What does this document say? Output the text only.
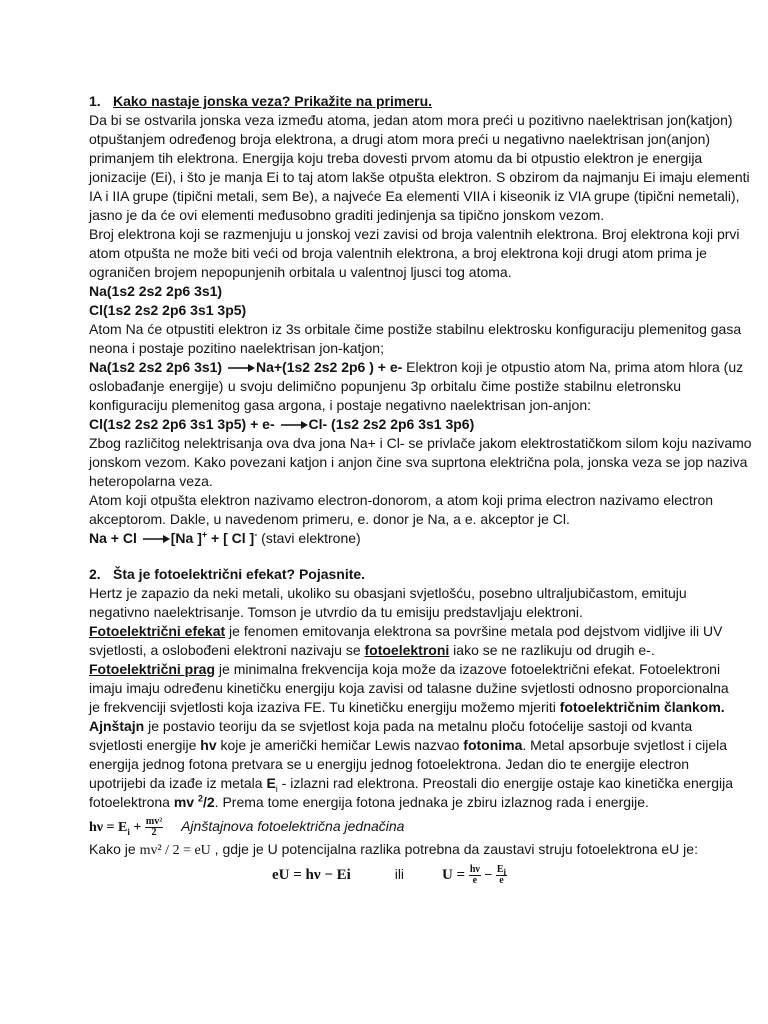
1. Kako nastaje jonska veza? Prikažite na primeru.
Da bi se ostvarila jonska veza između atoma, jedan atom mora preći u pozitivno naelektrisan jon(katjon)
otpuštanjem određenog broja elektrona, a drugi atom mora preći u negativno naelektrisan jon(anjon)
primanjem tih elektrona. Energija koju treba dovesti prvom atomu da bi otpustio elektron je energija
jonizacije (Ei), i što je manja Ei to taj atom lakše otpušta elektron. S obzirom da najmanju Ei imaju elementi
IA i IIA grupe (tipični metali, sem Be), a najveće Ea elementi VIIA i kiseonik iz VIA grupe (tipični nemetali),
jasno je da će ovi elementi međusobno graditi jedinjenja sa tipično jonskom vezom.
Broj elektrona koji se razmenjuju u jonskoj vezi zavisi od broja valentnih elektrona. Broj elektrona koji prvi
atom otpušta ne može biti veći od broja valentnih elektrona, a broj elektrona koji drugi atom prima je
ograničen brojem nepopunjenih orbitala u valentnoj ljusci tog atoma.
Na(1s2 2s2 2p6 3s1)
Cl(1s2 2s2 2p6 3s1 3p5)
Atom Na će otpustiti elektron iz 3s orbitale čime postiže stabilnu elektrosku konfiguraciju plemenitog gasa
neona i postaje pozitino naelektrisan jon-katjon;
Na(1s2 2s2 2p6 3s1) →Na+(1s2 2s2 2p6 ) + e- Elektron koji je otpustio atom Na, prima atom hlora (uz
oslobađanje energije) u svoju delimično popunjenu 3p orbitalu čime postiže stabilnu eletronsku
konfiguraciju plemenitog gasa argona, i postaje negativno naelektrisan jon-anjon:
Cl(1s2 2s2 2p6 3s1 3p5) + e- →Cl- (1s2 2s2 2p6 3s1 3p6)
Zbog različitog nelektrisanja ova dva jona Na+ i Cl- se privlače jakom elektrostatičkom silom koju nazivamo
jonskom vezom. Kako povezani katjon i anjon čine sva suprtona električna pola, jonska veza se jop naziva
heteropolarna veza.
Atom koji otpušta elektron nazivamo electron-donorom, a atom koji prima electron nazivamo electron
akceptorom. Dakle, u navedenom primeru, e. donor je Na, a e. akceptor je Cl.
Na + Cl →[Na ]+ + [ Cl ]- (stavi elektrone)
2. Šta je fotoelektrični efekat? Pojasnite.
Hertz je zapazio da neki metali, ukoliko su obasjani svjetlošću, posebno ultraljubičastom, emituju
negativno naelektrisanje. Tomson je utvrdio da tu emisiju predstavljaju elektroni.
Fotoelektrični efekat je fenomen emitovanja elektrona sa površine metala pod dejstvom vidljive ili UV
svjetlosti, a oslobođeni elektroni nazivaju se fotoelektroni iako se ne razlikuju od drugih e-.
Fotoelektrični prag je minimalna frekvencija koja može da izazove fotoelektrični efekat. Fotoelektroni
imaju imaju određenu kinetičku energiju koja zavisi od talasne dužine svjetlosti odnosno proporcionalna
je frekvenciji svjetlosti koja izaziva FE. Tu kinetičku energiju možemo mjeriti fotoelektričnim člankom.
Ajnštajn je postavio teoriju da se svjetlost koja pada na metalnu ploču fotoćelije sastoji od kvanta
svjetlosti energije hv koje je američki hemičar Lewis nazvao fotonima. Metal apsorbuje svjetlost i cijela
energija jednog fotona pretvara se u energiju jednog fotoelektrona. Jedan dio te energije electron
upotrijebi da izađe iz metala $E_i$ - izlazni rad elektrona. Preostali dio energije ostaje kao kinetička energija
fotoelektrona mv $^2$/2. Prema tome energija fotona jednaka je zbiru izlaznog rada i energije.
$h\nu = E_i + \frac{\text{mv²}}{2}$ Ajnštajnova fotoelektrična jednačina
Kako je mv² / 2 = eU , gdje je U potencijalna razlika potrebna da zaustavi struju fotoelektrona eU je:
eU = hν − Ei	ili	$U = \frac{h\nu}{e} - \frac{E_i}{e}$
